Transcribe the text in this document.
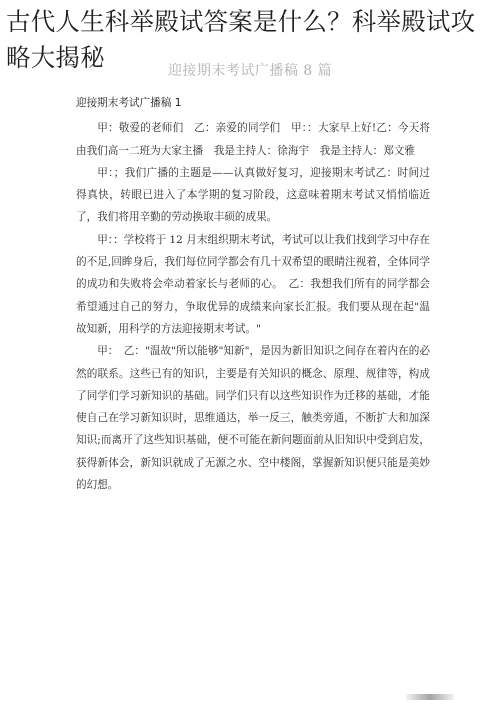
古代人生科举殿试答案是什么？科举殿试攻略大揭秘	迎接期末考试广播稿 8 篇
迎接期末考试广播稿 1

甲：敬爱的老师们　乙：亲爱的同学们　甲：：大家早上好!乙：今天将由我们高一二班为大家主播　我是主持人：徐海宇　我是主持人：郑文雅

甲：；我们广播的主题是——认真做好复习，迎接期末考试乙：时间过得真快，转眼已进入了本学期的复习阶段，这意味着期末考试又悄悄临近了，我们将用辛勤的劳动换取丰硕的成果。

甲：：学校将于 12 月末组织期末考试，考试可以让我们找到学习中存在的不足,回眸身后，我们每位同学都会有几十双希望的眼睛注视着，全体同学的成功和失败将会牵动着家长与老师的心。　乙：我想我们所有的同学都会希望通过自己的努力，争取优异的成绩来向家长汇报。我们要从现在起"温故知新，用科学的方法迎接期末考试。"

甲：　乙："温故"所以能够"知新"，是因为新旧知识之间存在着内在的必然的联系。这些已有的知识，主要是有关知识的概念、原理、规律等，构成了同学们学习新知识的基础。同学们只有以这些知识作为迁移的基础，才能使自己在学习新知识时，思维通达，举一反三，触类旁通，不断扩大和加深知识;而离开了这些知识基础，便不可能在新问题面前从旧知识中受到启发，获得新体会，新知识就成了无源之水、空中楼阁，掌握新知识便只能是美妙的幻想。
